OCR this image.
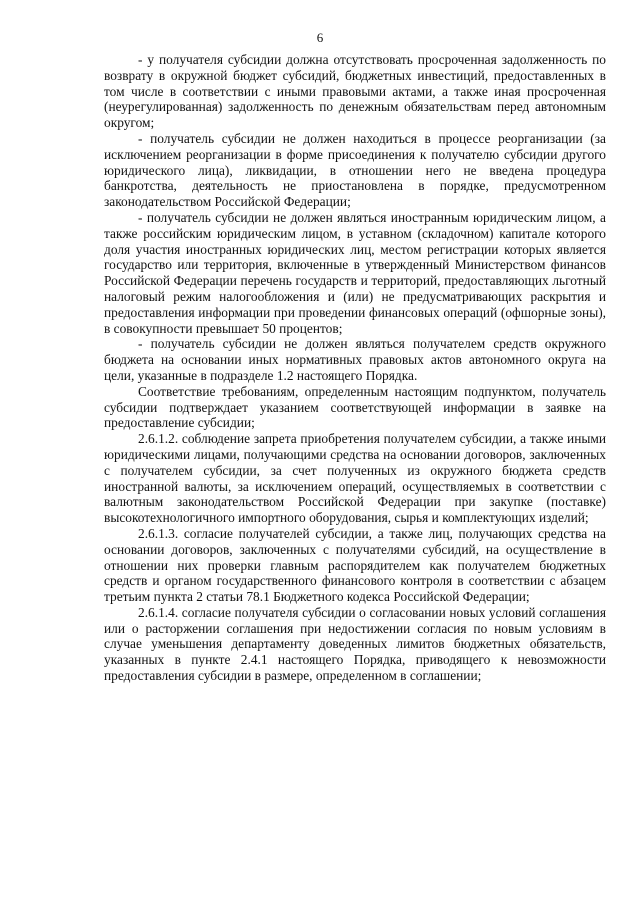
6

- у получателя субсидии должна отсутствовать просроченная задолженность по возврату в окружной бюджет субсидий, бюджетных инвестиций, предоставленных в том числе в соответствии с иными правовыми актами, а также иная просроченная (неурегулированная) задолженность по денежным обязательствам перед автономным округом;

- получатель субсидии не должен находиться в процессе реорганизации (за исключением реорганизации в форме присоединения к получателю субсидии другого юридического лица), ликвидации, в отношении него не введена процедура банкротства, деятельность не приостановлена в порядке, предусмотренном законодательством Российской Федерации;

- получатель субсидии не должен являться иностранным юридическим лицом, а также российским юридическим лицом, в уставном (складочном) капитале которого доля участия иностранных юридических лиц, местом регистрации которых является государство или территория, включенные в утвержденный Министерством финансов Российской Федерации перечень государств и территорий, предоставляющих льготный налоговый режим налогообложения и (или) не предусматривающих раскрытия и предоставления информации при проведении финансовых операций (офшорные зоны), в совокупности превышает 50 процентов;

- получатель субсидии не должен являться получателем средств окружного бюджета на основании иных нормативных правовых актов автономного округа на цели, указанные в подразделе 1.2 настоящего Порядка.

Соответствие требованиям, определенным настоящим подпунктом, получатель субсидии подтверждает указанием соответствующей информации в заявке на предоставление субсидии;

2.6.1.2. соблюдение запрета приобретения получателем субсидии, а также иными юридическими лицами, получающими средства на основании договоров, заключенных с получателем субсидии, за счет полученных из окружного бюджета средств иностранной валюты, за исключением операций, осуществляемых в соответствии с валютным законодательством Российской Федерации при закупке (поставке) высокотехнологичного импортного оборудования, сырья и комплектующих изделий;

2.6.1.3. согласие получателей субсидии, а также лиц, получающих средства на основании договоров, заключенных с получателями субсидий, на осуществление в отношении них проверки главным распорядителем как получателем бюджетных средств и органом государственного финансового контроля в соответствии с абзацем третьим пункта 2 статьи 78.1 Бюджетного кодекса Российской Федерации;

2.6.1.4. согласие получателя субсидии о согласовании новых условий соглашения или о расторжении соглашения при недостижении согласия по новым условиям в случае уменьшения департаменту доведенных лимитов бюджетных обязательств, указанных в пункте 2.4.1 настоящего Порядка, приводящего к невозможности предоставления субсидии в размере, определенном в соглашении;
